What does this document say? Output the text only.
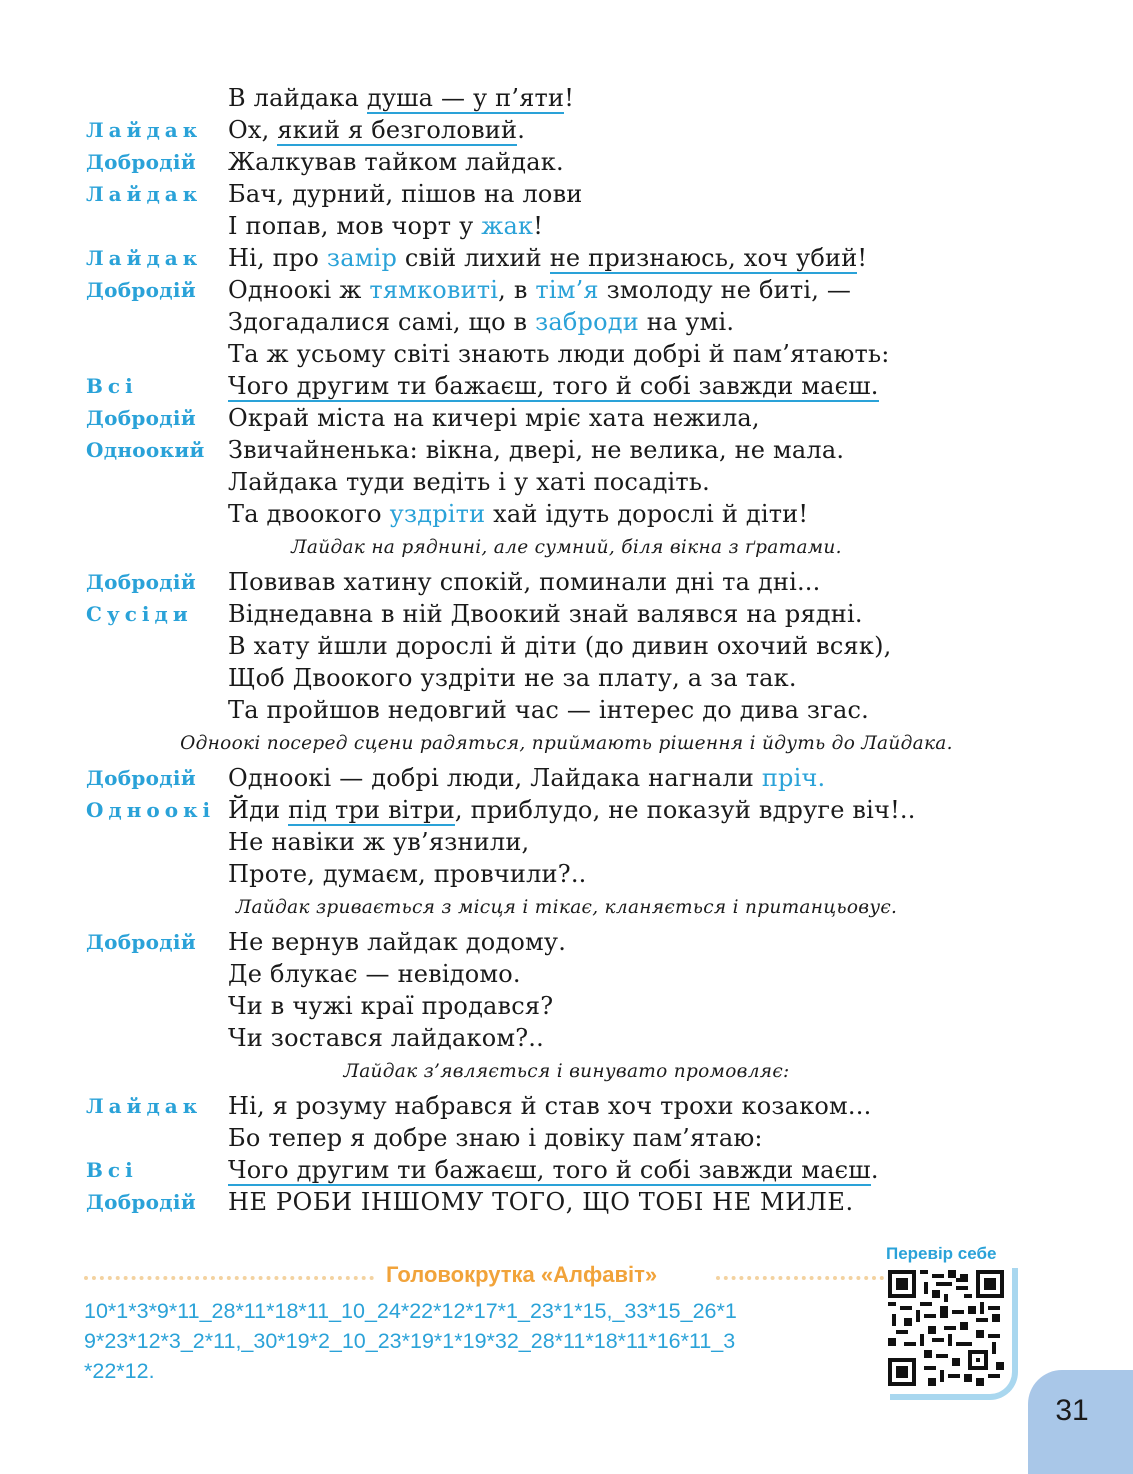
В лайдака душа — у п’яти!
Лайдак Ох, який я безголовий.
Добродій Жалкував тайком лайдак.
Лайдак Бач, дурний, пішов на лови
І попав, мов чорт у жак!
Лайдак Ні, про замір свій лихий не признаюсь, хоч убий!
Добродій Одноокі ж тямковиті, в тім’я змолоду не биті, —
Здогадалися самі, що в заброди на умі.
Та ж усьому світі знають люди добрі й пам’ятають:
Всі	Чого другим ти бажаєш, того й собі завжди маєш.
Добродій Окрай міста на кичері мріє хата нежила,
Одноокий Звичайненька: вікна, двері, не велика, не мала.
Лайдака туди ведіть і у хаті посадіть.
Та двоокого уздріти хай ідуть дорослі й діти!
Лайдак на ряднині, але сумний, біля вікна з ґратами.
Добродій Повивав хатину спокій, поминали дні та дні...
Сусіди Віднедавна в ній Двоокий знай валявся на рядні.
В хату йшли дорослі й діти (до дивин охочий всяк),
Щоб Двоокого уздріти не за плату, а за так.
Та пройшов недовгий час — інтерес до дива згас.
Одноокі посеред сцени радяться, приймають рішення і йдуть до Лайдака.
Добродій Одноокі — добрі люди, Лайдака нагнали пріч.
Одноокі Йди під три вітри, приблудо, не показуй вдруге віч!..
Не навіки ж ув’язнили,
Проте, думаєм, провчили?..
Лайдак зривається з місця і тікає, кланяється і пританцьовує.
Добродій Не вернув лайдак додому.
Де блукає — невідомо.
Чи в чужі краї продався?
Чи зостався лайдаком?..
Лайдак з’являється і винувато промовляє:
Лайдак Ні, я розуму набрався й став хоч трохи козаком...
Бо тепер я добре знаю і довіку пам’ятаю:
Всі	Чого другим ти бажаєш, того й собі завжди маєш.
Добродій НЕ РОБИ ІНШОМУ ТОГО, ЩО ТОБІ НЕ МИЛЕ.
Головокрутка «Алфавіт»
10*1*3*9*11_28*11*18*11_10_24*22*12*17*1_23*1*15,_33*15_26*1
9*23*12*3_2*11,_30*19*2_10_23*19*1*19*32_28*11*18*11*16*11_3
*22*12.
Перевір себе
31
